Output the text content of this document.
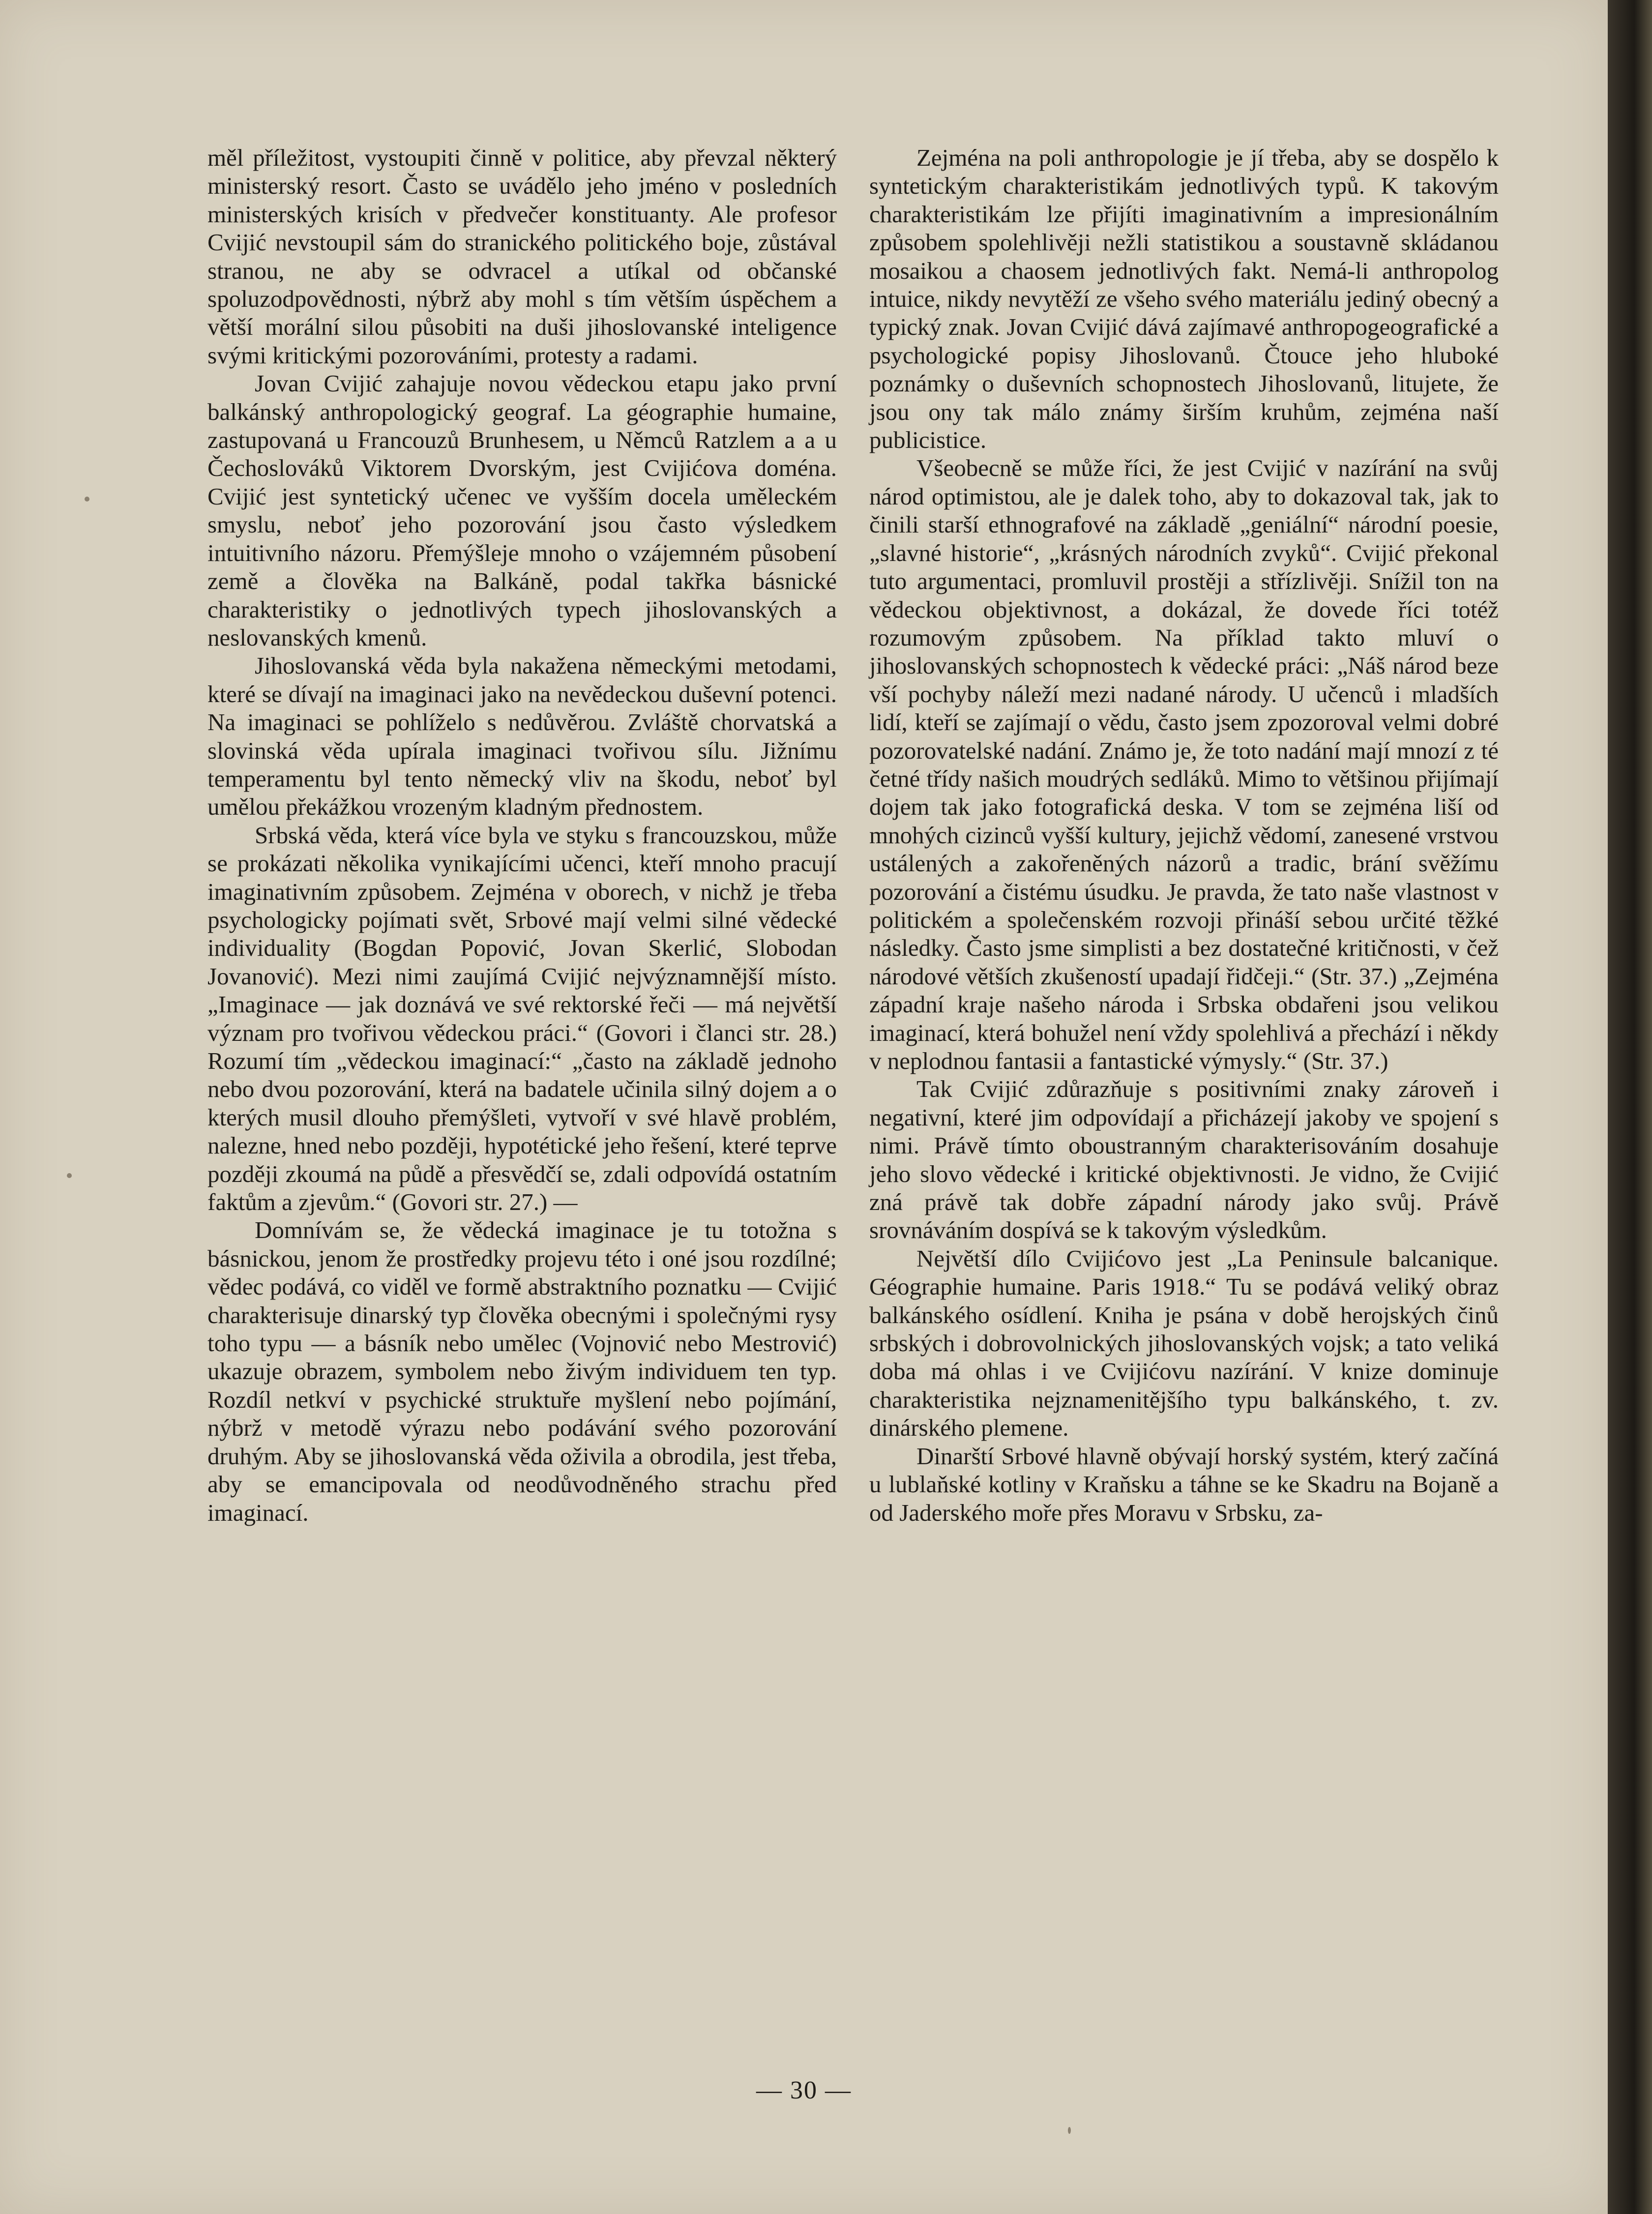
měl příležitost, vystoupiti činně v politice, aby převzal některý ministerský resort. Často se uvádělo jeho jméno v posledních ministerských krisích v předvečer konstituanty. Ale profesor Cvijić nevstoupil sám do stranického politického boje, zůstával stranou, ne aby se odvracel a utíkal od občanské spoluzodpovědnosti, nýbrž aby mohl s tím větším úspěchem a větší morální silou působiti na duši jihoslovanské inteligence svými kritickými pozorováními, protesty a radami.

Jovan Cvijić zahajuje novou vědeckou etapu jako první balkánský anthropologický geograf. La géographie humaine, zastupovaná u Francouzů Brunhesem, u Němců Ratzlem a a u Čechoslováků Viktorem Dvorským, jest Cvijićova doména. Cvijić jest syntetický učenec ve vyšším docela uměleckém smyslu, neboť jeho pozorování jsou často výsledkem intuitivního názoru. Přemýšleje mnoho o vzájemném působení země a člověka na Balkáně, podal takřka básnické charakteristiky o jednotlivých typech jihoslovanských a neslovanských kmenů.

Jihoslovanská věda byla nakažena německými metodami, které se dívají na imaginaci jako na nevědeckou duševní potenci. Na imaginaci se pohlíželo s nedůvěrou. Zvláště chorvatská a slovinská věda upírala imaginaci tvořivou sílu. Jižnímu temperamentu byl tento německý vliv na škodu, neboť byl umělou překážkou vrozeným kladným přednostem.

Srbská věda, která více byla ve styku s francouzskou, může se prokázati několika vynikajícími učenci, kteří mnoho pracují imaginativním způsobem. Zejména v oborech, v nichž je třeba psychologicky pojímati svět, Srbové mají velmi silné vědecké individuality (Bogdan Popović, Jovan Skerlić, Slobodan Jovanović). Mezi nimi zaujímá Cvijić nejvýznamnější místo. „Imaginace — jak doznává ve své rektorské řeči — má největší význam pro tvořivou vědeckou práci.“ (Govori i članci str. 28.) Rozumí tím „vědeckou imaginací:“ „často na základě jednoho nebo dvou pozorování, která na badatele učinila silný dojem a o kterých musil dlouho přemýšleti, vytvoří v své hlavě problém, nalezne, hned nebo později, hypotétické jeho řešení, které teprve později zkoumá na půdě a přesvědčí se, zdali odpovídá ostatním faktům a zjevům.“ (Govori str. 27.) —

Domnívám se, že vědecká imaginace je tu totožna s básnickou, jenom že prostředky projevu této i oné jsou rozdílné; vědec podává, co viděl ve formě abstraktního poznatku — Cvijić charakterisuje dinarský typ člověka obecnými i společnými rysy toho typu — a básník nebo umělec (Vojnović nebo Mestrović) ukazuje obrazem, symbolem nebo živým individuem ten typ. Rozdíl netkví v psychické struktuře myšlení nebo pojímání, nýbrž v metodě výrazu nebo podávání svého pozorování druhým. Aby se jihoslovanská věda oživila a obrodila, jest třeba, aby se emancipovala od neodůvodněného strachu před imaginací.

Zejména na poli anthropologie je jí třeba, aby se dospělo k syntetickým charakteristikám jednotlivých typů. K takovým charakteristikám lze přijíti imaginativním a impresionálním způsobem spolehlivěji nežli statistikou a soustavně skládanou mosaikou a chaosem jednotlivých fakt. Nemá-li anthropolog intuice, nikdy nevytěží ze všeho svého materiálu jediný obecný a typický znak. Jovan Cvijić dává zajímavé anthropogeografické a psychologické popisy Jihoslovanů. Čtouce jeho hluboké poznámky o duševních schopnostech Jihoslovanů, litujete, že jsou ony tak málo známy širším kruhům, zejména naší publicistice.

Všeobecně se může říci, že jest Cvijić v nazírání na svůj národ optimistou, ale je dalek toho, aby to dokazoval tak, jak to činili starší ethnografové na základě „geniální“ národní poesie, „slavné historie“, „krásných národních zvyků“. Cvijić překonal tuto argumentaci, promluvil prostěji a střízlivěji. Snížil ton na vědeckou objektivnost, a dokázal, že dovede říci totéž rozumovým způsobem. Na příklad takto mluví o jihoslovanských schopnostech k vědecké práci: „Náš národ beze vší pochyby náleží mezi nadané národy. U učenců i mladších lidí, kteří se zajímají o vědu, často jsem zpozoroval velmi dobré pozorovatelské nadání. Známo je, že toto nadání mají mnozí z té četné třídy našich moudrých sedláků. Mimo to většinou přijímají dojem tak jako fotografická deska. V tom se zejména liší od mnohých cizinců vyšší kultury, jejichž vědomí, zanesené vrstvou ustálených a zakořeněných názorů a tradic, brání svěžímu pozorování a čistému úsudku. Je pravda, že tato naše vlastnost v politickém a společenském rozvoji přináší sebou určité těžké následky. Často jsme simplisti a bez dostatečné kritičnosti, v čež národové větších zkušeností upadají řidčeji.“ (Str. 37.) „Zejména západní kraje našeho národa i Srbska obdařeni jsou velikou imaginací, která bohužel není vždy spolehlivá a přechází i někdy v neplodnou fantasii a fantastické výmysly.“ (Str. 37.)

Tak Cvijić zdůrazňuje s positivními znaky zároveň i negativní, které jim odpovídají a přicházejí jakoby ve spojení s nimi. Právě tímto oboustranným charakterisováním dosahuje jeho slovo vědecké i kritické objektivnosti. Je vidno, že Cvijić zná právě tak dobře západní národy jako svůj. Právě srovnáváním dospívá se k takovým výsledkům.

Největší dílo Cvijićovo jest „La Peninsule balcanique. Géographie humaine. Paris 1918.“ Tu se podává veliký obraz balkánského osídlení. Kniha je psána v době herojských činů srbských i dobrovolnických jihoslovanských vojsk; a tato veliká doba má ohlas i ve Cvijićovu nazírání. V knize dominuje charakteristika nejznamenitějšího typu balkánského, t. zv. dinárského plemene.

Dinarští Srbové hlavně obývají horský systém, který začíná u lublaňské kotliny v Kraňsku a táhne se ke Skadru na Bojaně a od Jaderského moře přes Moravu v Srbsku, za-

— 30 —
